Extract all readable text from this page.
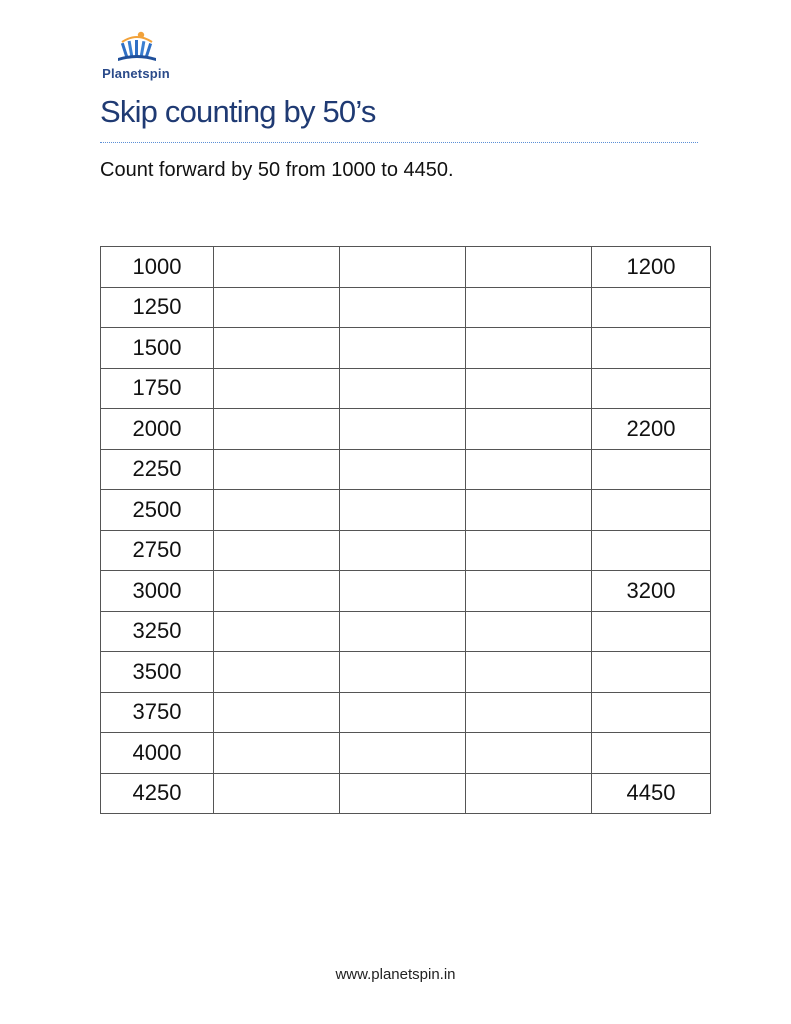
Planetspin
Skip counting by 50’s
Count forward by 50 from 1000 to 4450.
1000				1200
1250				
1500				
1750				
2000				2200
2250				
2500				
2750				
3000				3200
3250				
3500				
3750				
4000				
4250				4450
www.planetspin.in
